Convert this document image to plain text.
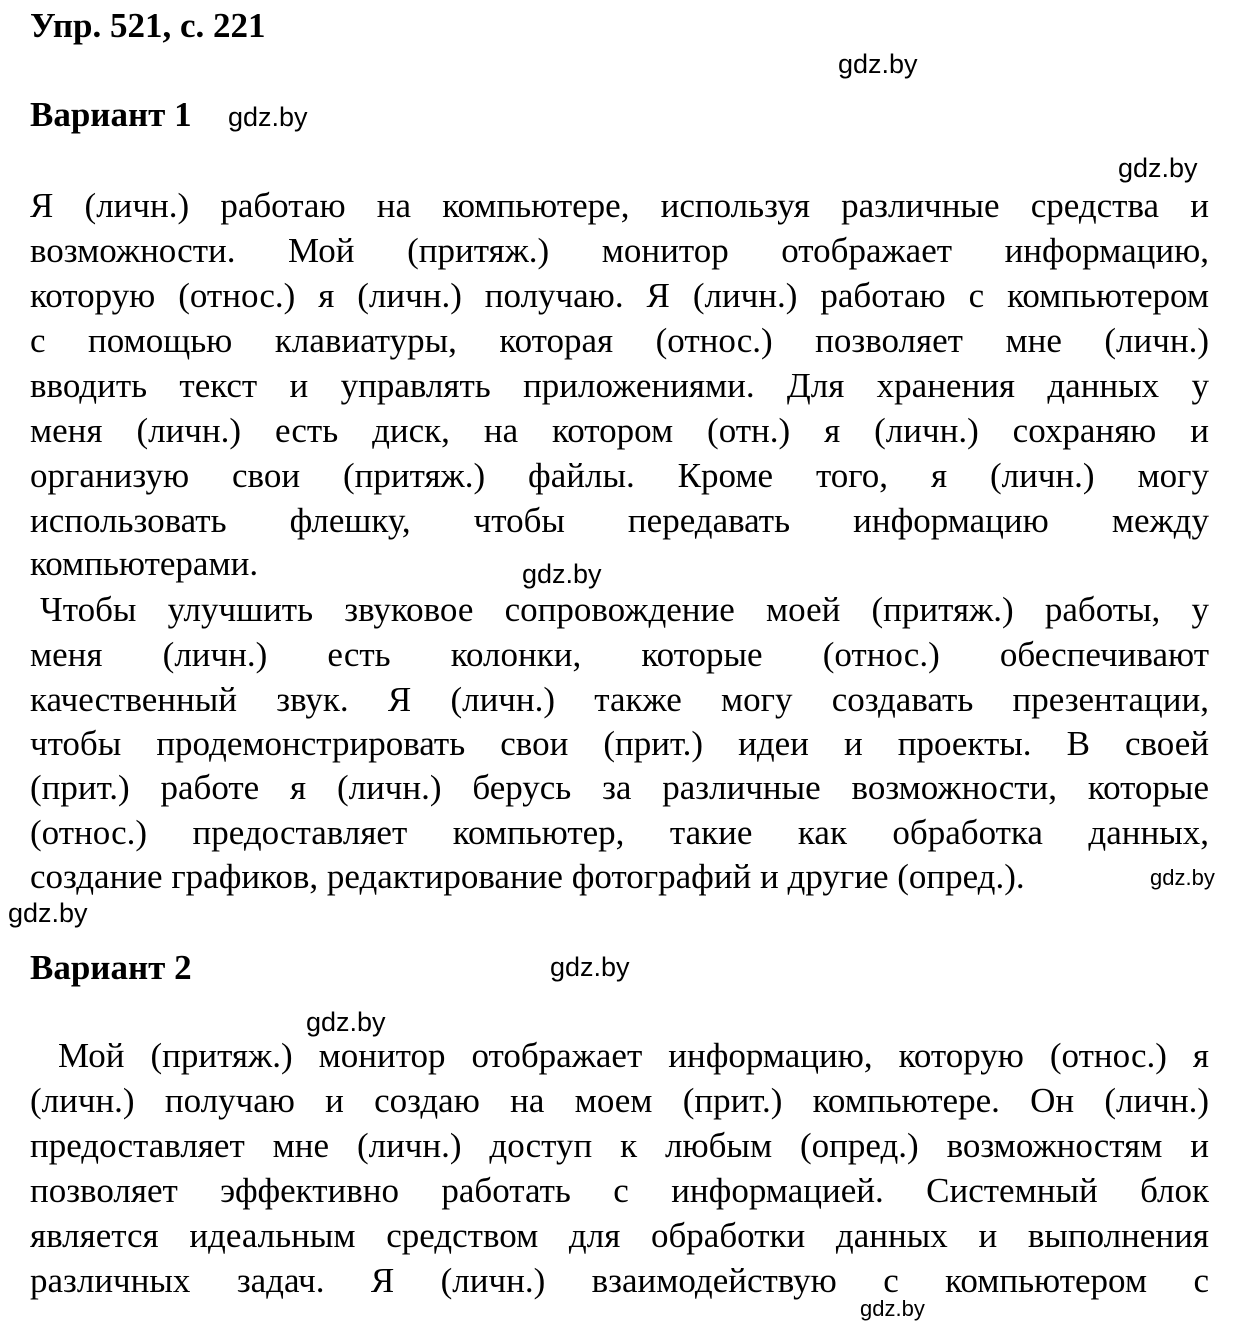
Упр. 521, с. 221
gdz.by
gdz.by
gdz.by
gdz.by
gdz.by
gdz.by
gdz.by
gdz.by
gdz.by
Вариант 1
Я (личн.) работаю на компьютере, используя различные средства и
возможности. Мой (притяж.) монитор отображает информацию,
которую (относ.) я (личн.) получаю. Я (личн.) работаю с компьютером
с помощью клавиатуры, которая (относ.) позволяет мне (личн.)
вводить текст и управлять приложениями. Для хранения данных у
меня (личн.) есть диск, на котором (отн.) я (личн.) сохраняю и
организую свои (притяж.) файлы. Кроме того, я (личн.) могу
использовать флешку, чтобы передавать информацию между
компьютерами.
Чтобы улучшить звуковое сопровождение моей (притяж.) работы, у
меня (личн.) есть колонки, которые (относ.) обеспечивают
качественный звук. Я (личн.) также могу создавать презентации,
чтобы продемонстрировать свои (прит.) идеи и проекты. В своей
(прит.) работе я (личн.) берусь за различные возможности, которые
(относ.) предоставляет компьютер, такие как обработка данных,
создание графиков, редактирование фотографий и другие (опред.).
Вариант 2
Мой (притяж.) монитор отображает информацию, которую (относ.) я
(личн.) получаю и создаю на моем (прит.) компьютере. Он (личн.)
предоставляет мне (личн.) доступ к любым (опред.) возможностям и
позволяет эффективно работать с информацией. Системный блок
является идеальным средством для обработки данных и выполнения
различных задач. Я (личн.) взаимодействую с компьютером с
